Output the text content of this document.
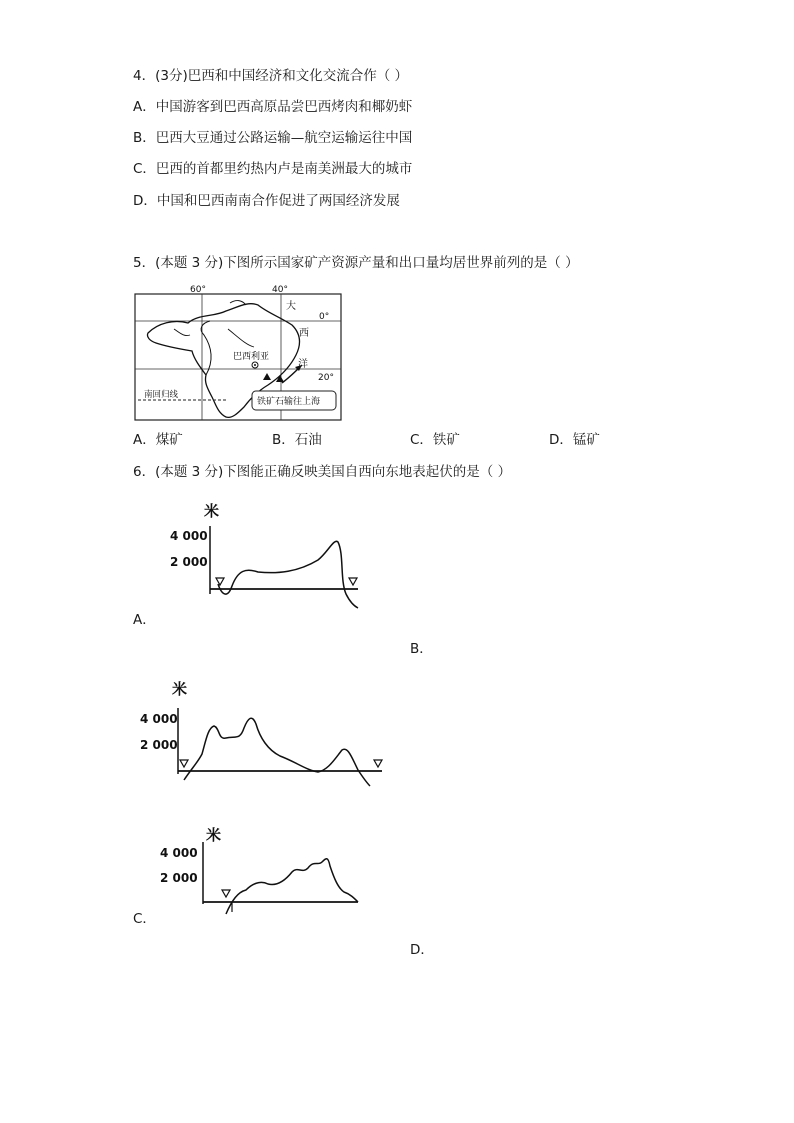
4．(3分)巴西和中国经济和文化交流合作（ ）
A．中国游客到巴西高原品尝巴西烤肉和椰奶虾
B．巴西大豆通过公路运输—航空运输运往中国
C．巴西的首都里约热内卢是南美洲最大的城市
D．中国和巴西南南合作促进了两国经济发展
5．(本题 3 分)下图所示国家矿产资源产量和出口量均居世界前列的是（ ）
60°	40°
0°
20°
大
西
洋
巴西利亚
南回归线
铁矿石输往上海
A．煤矿	B．石油	C．铁矿	D．锰矿
6．(本题 3 分)下图能正确反映美国自西向东地表起伏的是（ ）
米
4 000
2 000
A．
B．
米
4 000
2 000
米
4 000
2 000
C．
D．
